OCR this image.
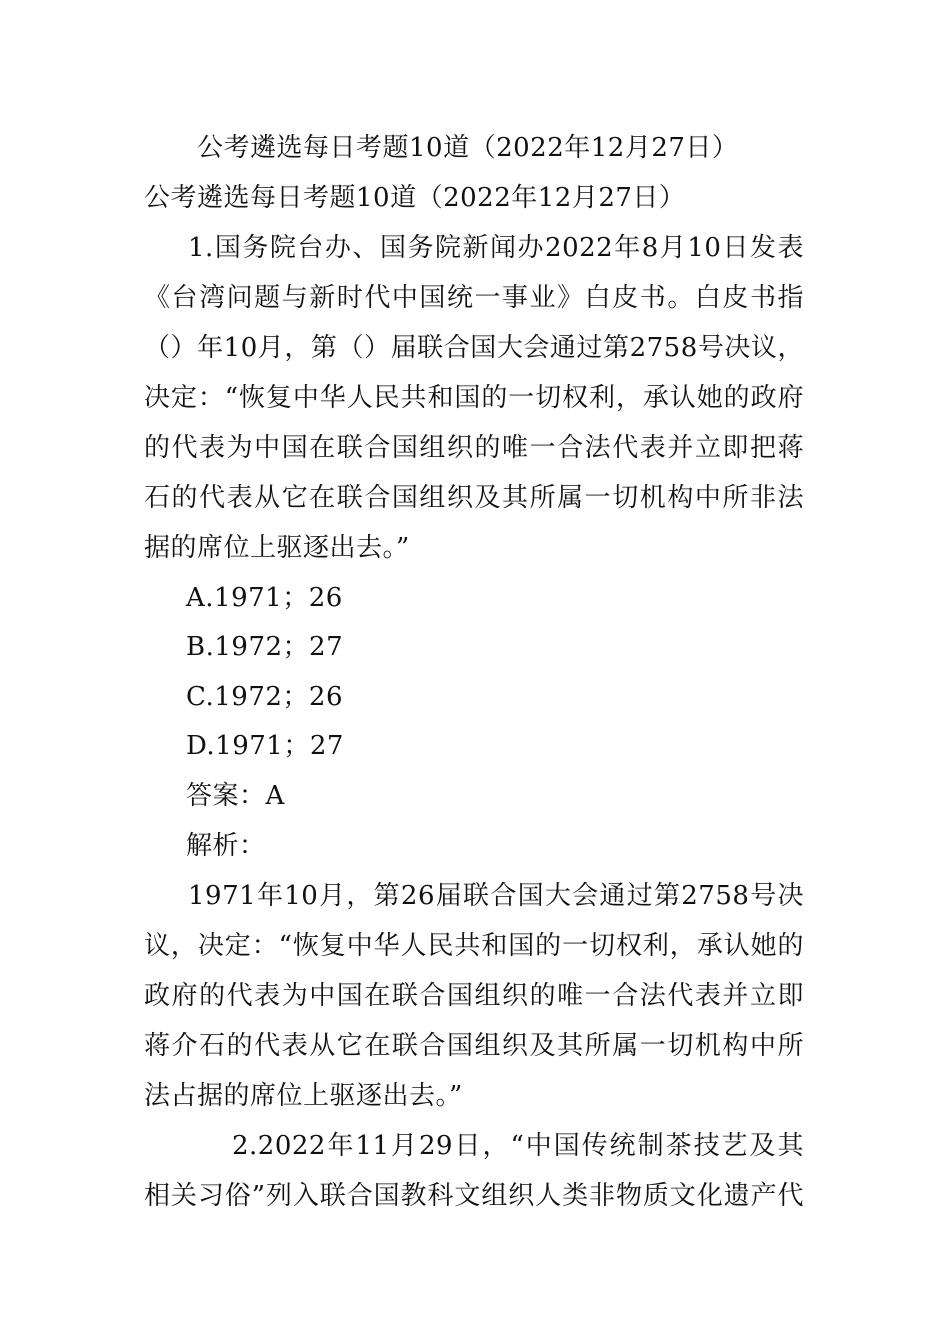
公考遴选每日考题10道（2022年12月27日）
公考遴选每日考题10道（2022年12月27日）
1.国务院台办、国务院新闻办2022年8月10日发表
《台湾问题与新时代中国统一事业》白皮书。白皮书指
（）年10月，第（）届联合国大会通过第2758号决议，
决定：“恢复中华人民共和国的一切权利，承认她的政府
的代表为中国在联合国组织的唯一合法代表并立即把蒋
石的代表从它在联合国组织及其所属一切机构中所非法
据的席位上驱逐出去。”
A.1971；26
B.1972；27
C.1972；26
D.1971；27
答案：A
解析：
1971年10月，第26届联合国大会通过第2758号决
议，决定：“恢复中华人民共和国的一切权利，承认她的
政府的代表为中国在联合国组织的唯一合法代表并立即
蒋介石的代表从它在联合国组织及其所属一切机构中所
法占据的席位上驱逐出去。”
2.2022年11月29日，“中国传统制茶技艺及其
相关习俗”列入联合国教科文组织人类非物质文化遗产代
